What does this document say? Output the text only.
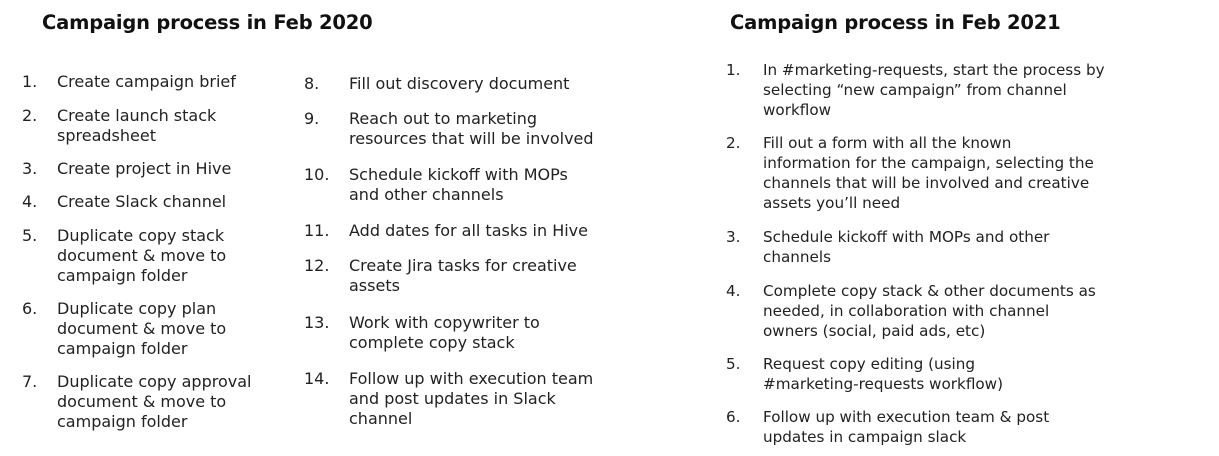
Campaign process in Feb 2020	Campaign process in Feb 2021
1. Create campaign brief
2. Create launch stack
spreadsheet
3. Create project in Hive
4. Create Slack channel
5. Duplicate copy stack
document & move to
campaign folder
6. Duplicate copy plan
document & move to
campaign folder
7. Duplicate copy approval
document & move to
campaign folder
8. Fill out discovery document
9. Reach out to marketing
resources that will be involved
10. Schedule kickoff with MOPs
and other channels
11. Add dates for all tasks in Hive
12. Create Jira tasks for creative
assets
13. Work with copywriter to
complete copy stack
14. Follow up with execution team
and post updates in Slack
channel
1. In #marketing-requests, start the process by
selecting “new campaign” from channel
workflow
2. Fill out a form with all the known
information for the campaign, selecting the
channels that will be involved and creative
assets you’ll need
3. Schedule kickoff with MOPs and other
channels
4. Complete copy stack & other documents as
needed, in collaboration with channel
owners (social, paid ads, etc)
5. Request copy editing (using
#marketing-requests workflow)
6. Follow up with execution team & post
updates in campaign slack
